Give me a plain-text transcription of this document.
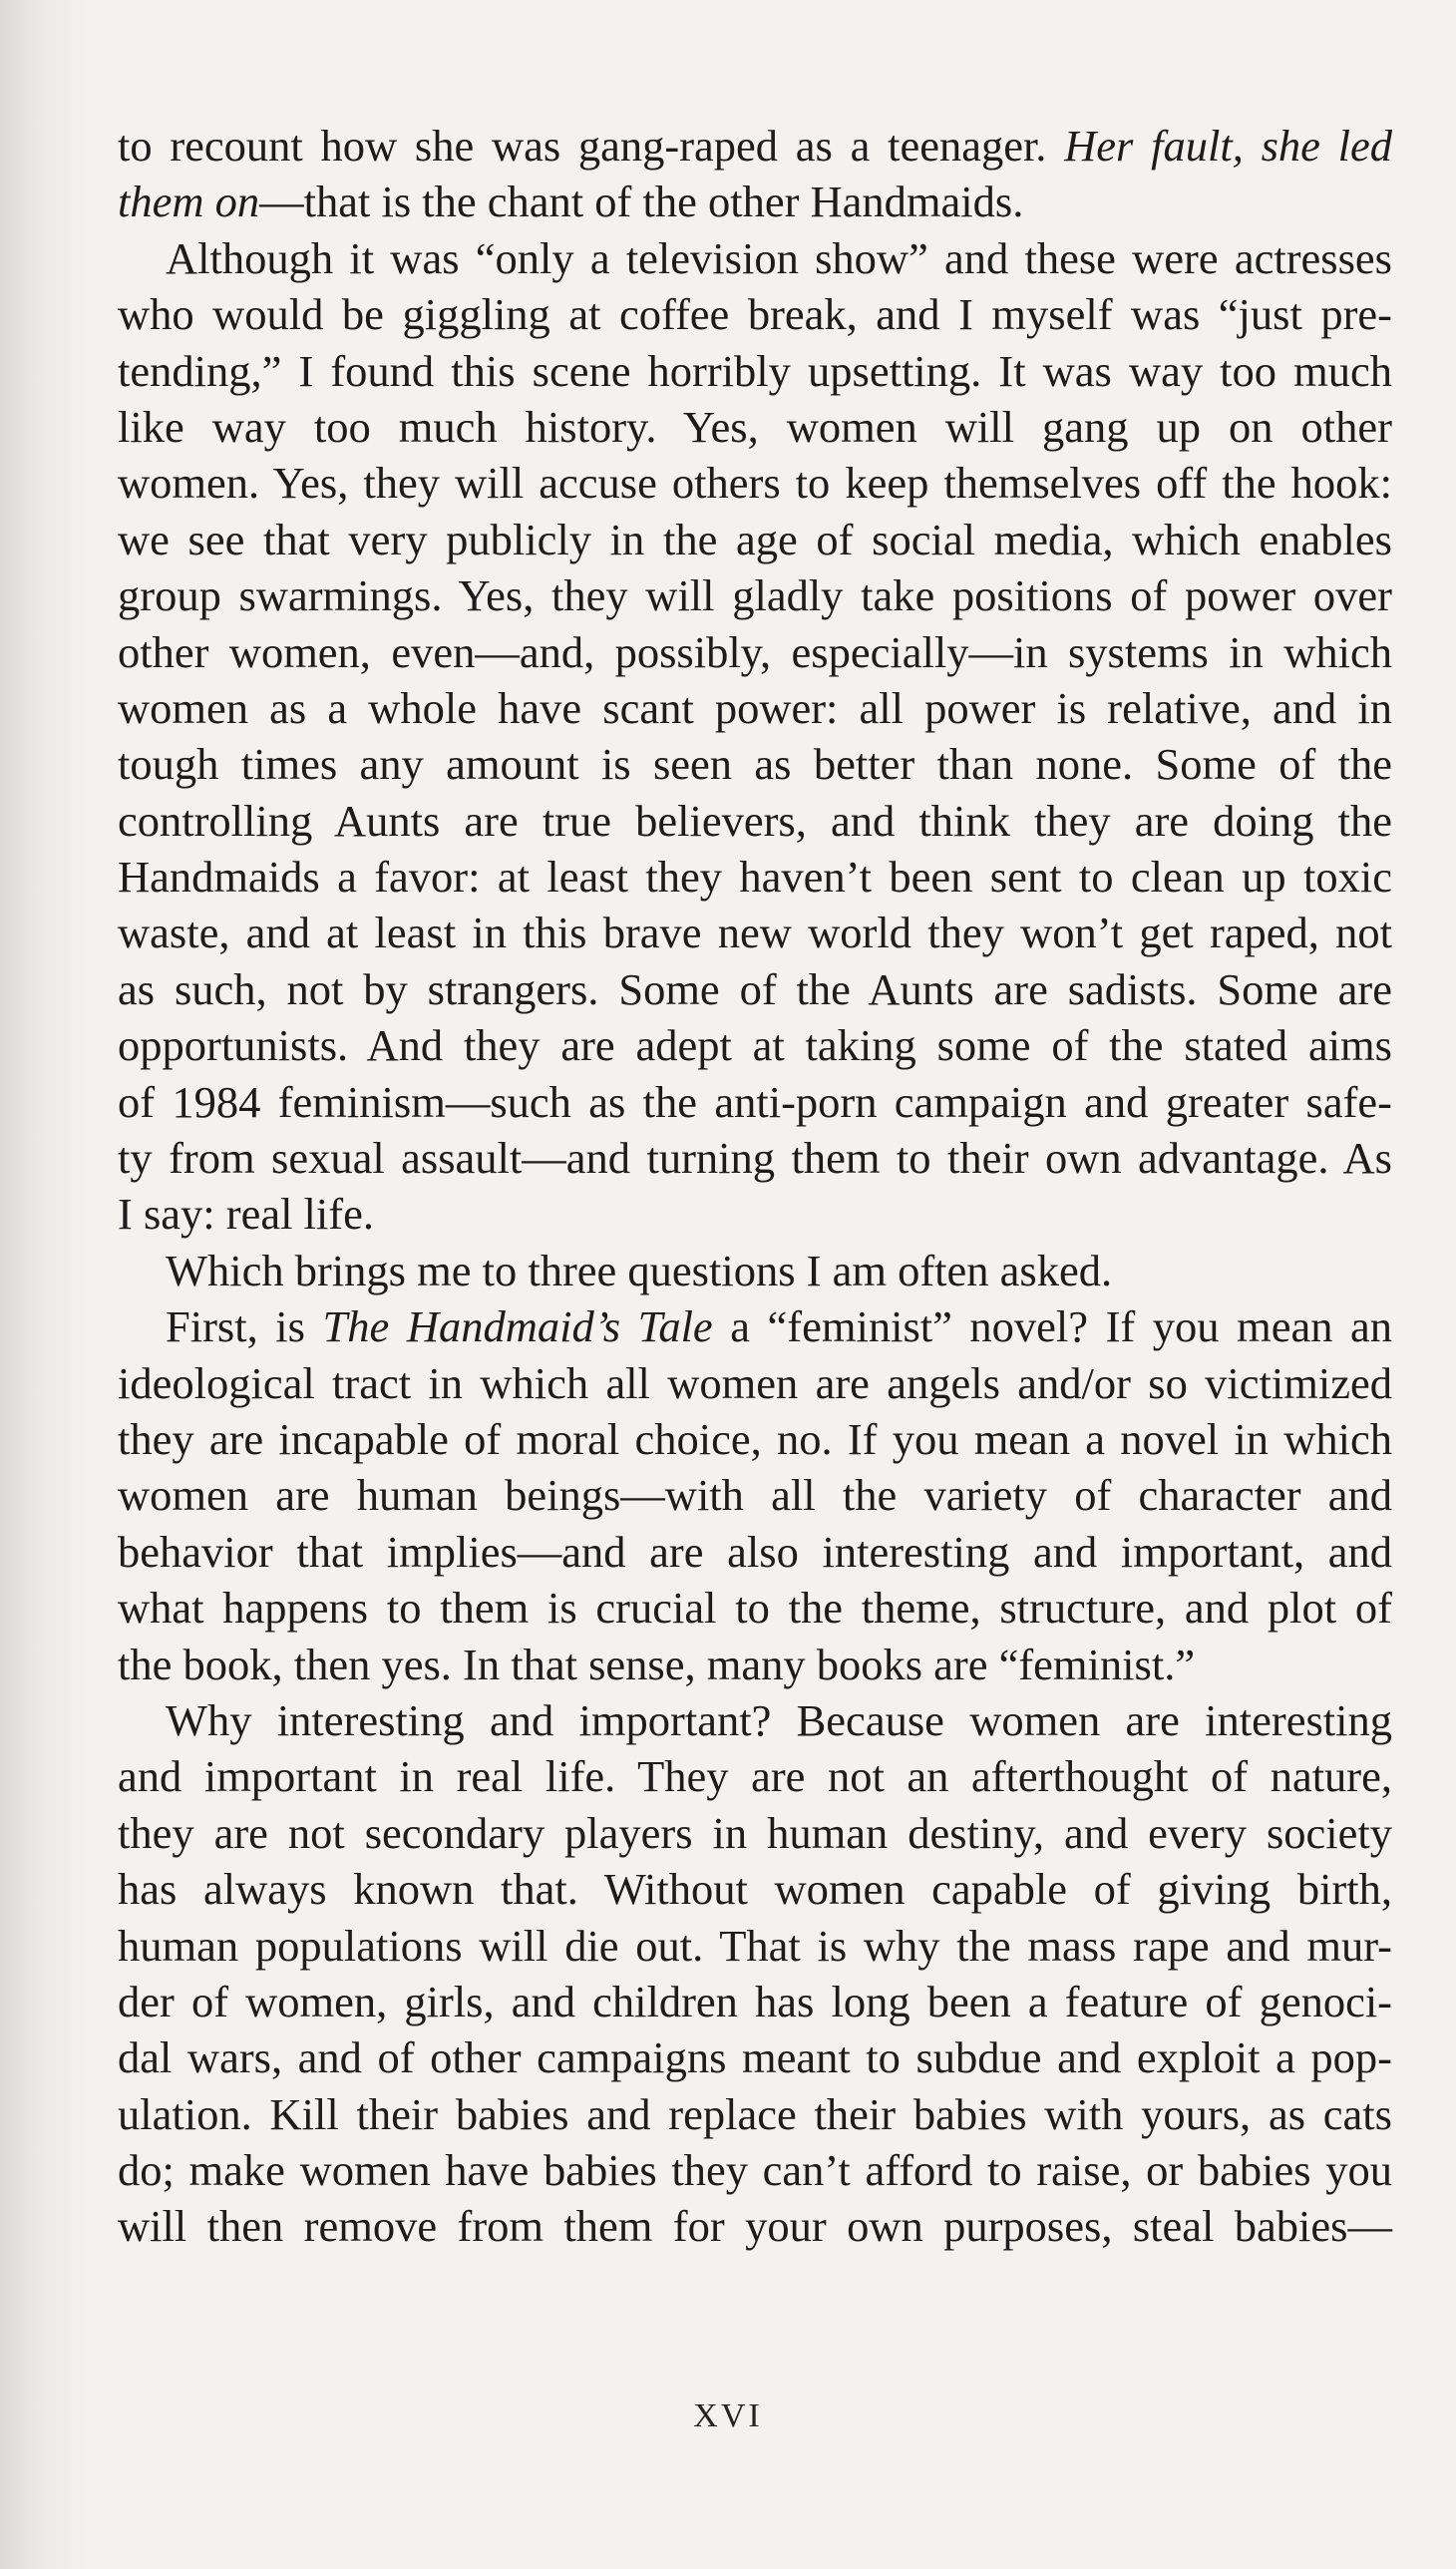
to recount how she was gang-raped as a teenager. Her fault, she led
them on—that is the chant of the other Handmaids.
Although it was “only a television show” and these were actresses
who would be giggling at coffee break, and I myself was “just pre-
tending,” I found this scene horribly upsetting. It was way too much
like way too much history. Yes, women will gang up on other
women. Yes, they will accuse others to keep themselves off the hook:
we see that very publicly in the age of social media, which enables
group swarmings. Yes, they will gladly take positions of power over
other women, even—and, possibly, especially—in systems in which
women as a whole have scant power: all power is relative, and in
tough times any amount is seen as better than none. Some of the
controlling Aunts are true believers, and think they are doing the
Handmaids a favor: at least they haven’t been sent to clean up toxic
waste, and at least in this brave new world they won’t get raped, not
as such, not by strangers. Some of the Aunts are sadists. Some are
opportunists. And they are adept at taking some of the stated aims
of 1984 feminism—such as the anti-porn campaign and greater safe-
ty from sexual assault—and turning them to their own advantage. As
I say: real life.
Which brings me to three questions I am often asked.
First, is The Handmaid’s Tale a “feminist” novel? If you mean an
ideological tract in which all women are angels and/or so victimized
they are incapable of moral choice, no. If you mean a novel in which
women are human beings—with all the variety of character and
behavior that implies—and are also interesting and important, and
what happens to them is crucial to the theme, structure, and plot of
the book, then yes. In that sense, many books are “feminist.”
Why interesting and important? Because women are interesting
and important in real life. They are not an afterthought of nature,
they are not secondary players in human destiny, and every society
has always known that. Without women capable of giving birth,
human populations will die out. That is why the mass rape and mur-
der of women, girls, and children has long been a feature of genoci-
dal wars, and of other campaigns meant to subdue and exploit a pop-
ulation. Kill their babies and replace their babies with yours, as cats
do; make women have babies they can’t afford to raise, or babies you
will then remove from them for your own purposes, steal babies—
XVI
